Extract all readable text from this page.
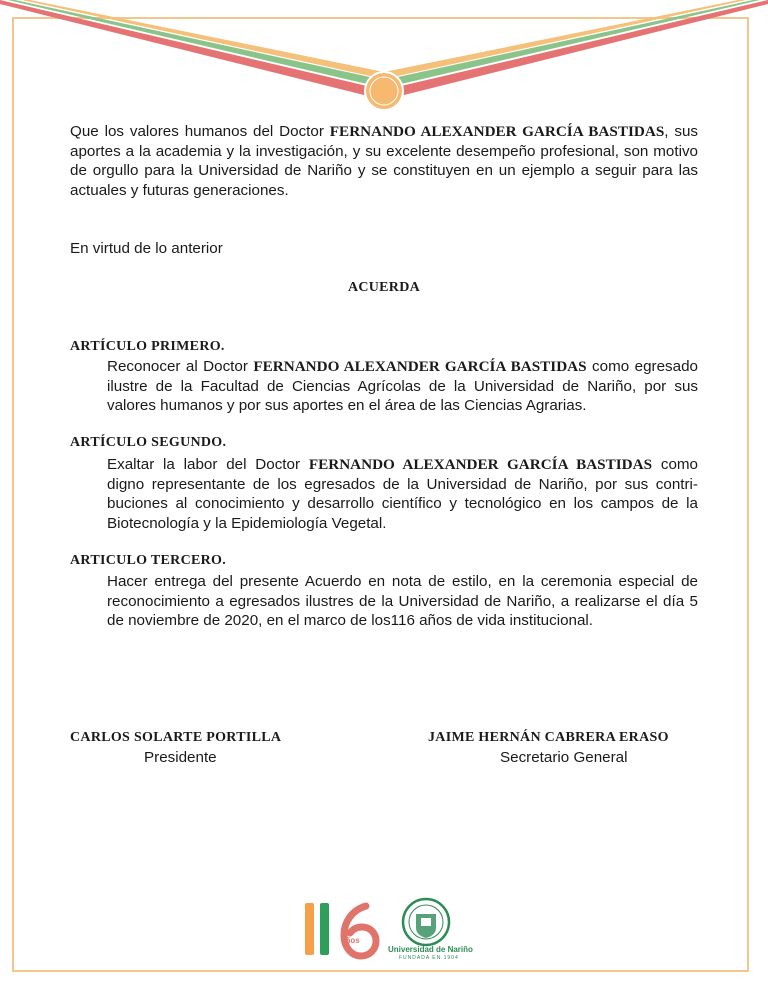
Que los valores humanos del Doctor FERNANDO ALEXANDER GARCÍA BASTIDAS, sus aportes a la academia y la investigación, y su excelente desempeño profesional, son motivo de orgullo para la Universidad de Nariño y se constituyen en un ejemplo a seguir para las actuales y futuras generaciones.
En virtud de lo anterior
ACUERDA
ARTÍCULO PRIMERO.
Reconocer al Doctor FERNANDO ALEXANDER GARCÍA BASTIDAS como egresado ilustre de la Facultad de Ciencias Agrícolas de la Universidad de Nariño, por sus valores humanos y por sus aportes en el área de las Ciencias Agrarias.
ARTÍCULO SEGUNDO.
Exaltar la labor del Doctor FERNANDO ALEXANDER GARCÍA BASTIDAS como digno representante de los egresados de la Universidad de Nariño, por sus contri-buciones al conocimiento y desarrollo científico y tecnológico en los campos de la Biotecnología y la Epidemiología Vegetal.
ARTICULO TERCERO.
Hacer entrega del presente Acuerdo en nota de estilo, en la ceremonia especial de reconocimiento a egresados ilustres de la Universidad de Nariño, a realizarse el día 5 de noviembre de 2020, en el marco de los116 años de vida institucional.
CARLOS SOLARTE PORTILLA
Presidente
JAIME HERNÁN CABRERA ERASO
Secretario General
años
Universidad de Nariño
FUNDADA EN 1904
